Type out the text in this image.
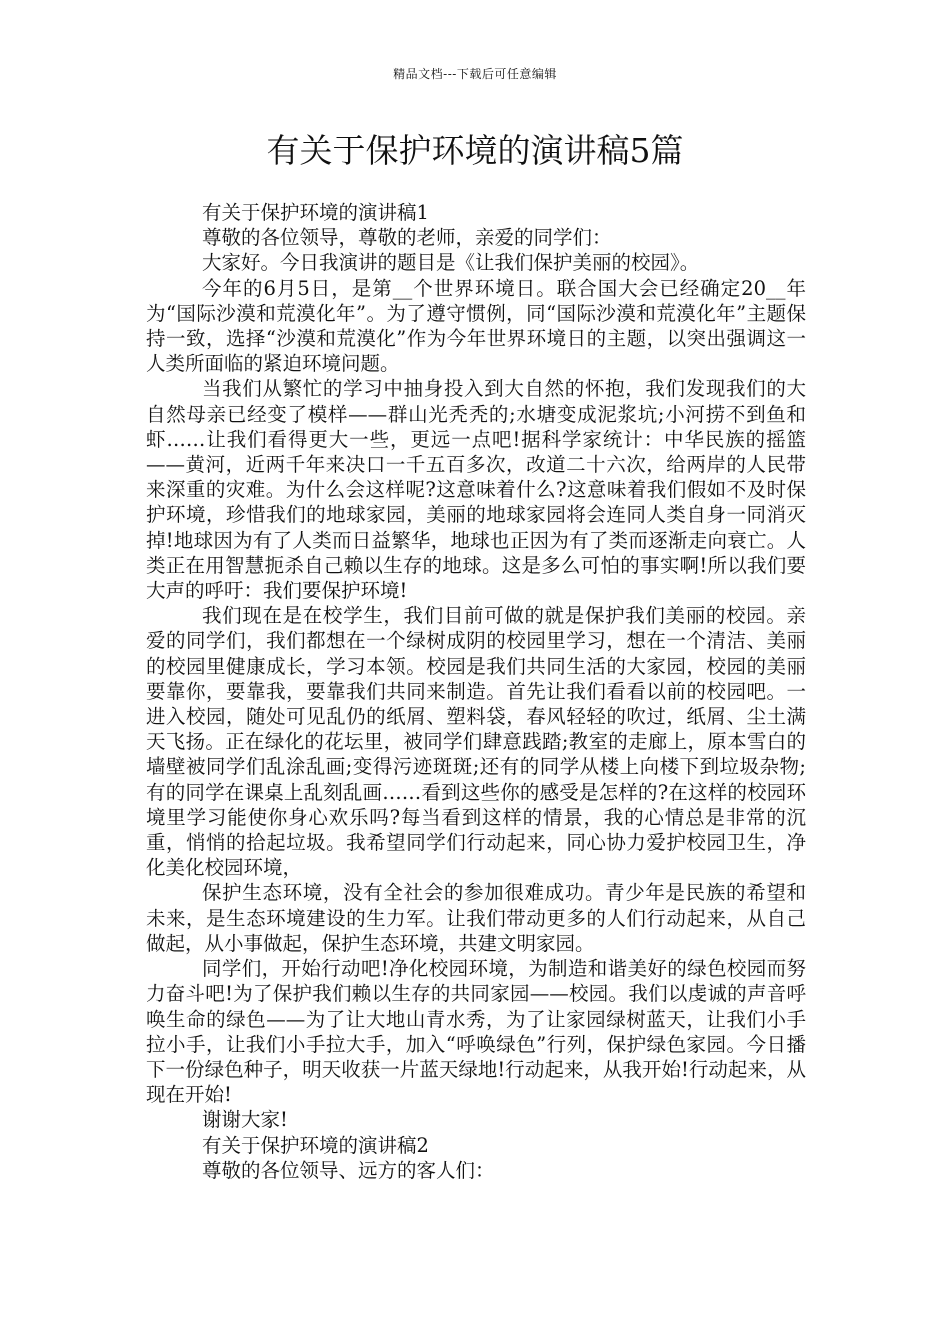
精品文档---下载后可任意编辑
有关于保护环境的演讲稿5篇

有关于保护环境的演讲稿1

尊敬的各位领导，尊敬的老师，亲爱的同学们：

大家好。今日我演讲的题目是《让我们保护美丽的校园》。

今年的6月5日，是第__个世界环境日。联合国大会已经确定20__年为“国际沙漠和荒漠化年”。为了遵守惯例，同“国际沙漠和荒漠化年”主题保持一致，选择“沙漠和荒漠化”作为今年世界环境日的主题，以突出强调这一人类所面临的紧迫环境问题。

当我们从繁忙的学习中抽身投入到大自然的怀抱，我们发现我们的大自然母亲已经变了模样——群山光秃秃的;水塘变成泥浆坑;小河捞不到鱼和虾……让我们看得更大一些，更远一点吧!据科学家统计：中华民族的摇篮——黄河，近两千年来决口一千五百多次，改道二十六次，给两岸的人民带来深重的灾难。为什么会这样呢?这意味着什么?这意味着我们假如不及时保护环境，珍惜我们的地球家园，美丽的地球家园将会连同人类自身一同消灭掉!地球因为有了人类而日益繁华，地球也正因为有了类而逐渐走向衰亡。人类正在用智慧扼杀自己赖以生存的地球。这是多么可怕的事实啊!所以我们要大声的呼吁：我们要保护环境!

我们现在是在校学生，我们目前可做的就是保护我们美丽的校园。亲爱的同学们，我们都想在一个绿树成阴的校园里学习，想在一个清洁、美丽的校园里健康成长，学习本领。校园是我们共同生活的大家园，校园的美丽要靠你，要靠我，要靠我们共同来制造。首先让我们看看以前的校园吧。一进入校园，随处可见乱仍的纸屑、塑料袋，春风轻轻的吹过，纸屑、尘土满天飞扬。正在绿化的花坛里，被同学们肆意践踏;教室的走廊上，原本雪白的墙壁被同学们乱涂乱画;变得污迹斑斑;还有的同学从楼上向楼下到垃圾杂物;有的同学在课桌上乱刻乱画……看到这些你的感受是怎样的?在这样的校园环境里学习能使你身心欢乐吗?每当看到这样的情景，我的心情总是非常的沉重，悄悄的拾起垃圾。我希望同学们行动起来，同心协力爱护校园卫生，净化美化校园环境，

保护生态环境，没有全社会的参加很难成功。青少年是民族的希望和未来，是生态环境建设的生力军。让我们带动更多的人们行动起来，从自己做起，从小事做起，保护生态环境，共建文明家园。

同学们，开始行动吧!净化校园环境，为制造和谐美好的绿色校园而努力奋斗吧!为了保护我们赖以生存的共同家园——校园。我们以虔诚的声音呼唤生命的绿色——为了让大地山青水秀，为了让家园绿树蓝天，让我们小手拉小手，让我们小手拉大手，加入“呼唤绿色”行列，保护绿色家园。今日播下一份绿色种子，明天收获一片蓝天绿地!行动起来，从我开始!行动起来，从现在开始!

谢谢大家!

有关于保护环境的演讲稿2

尊敬的各位领导、远方的客人们：
